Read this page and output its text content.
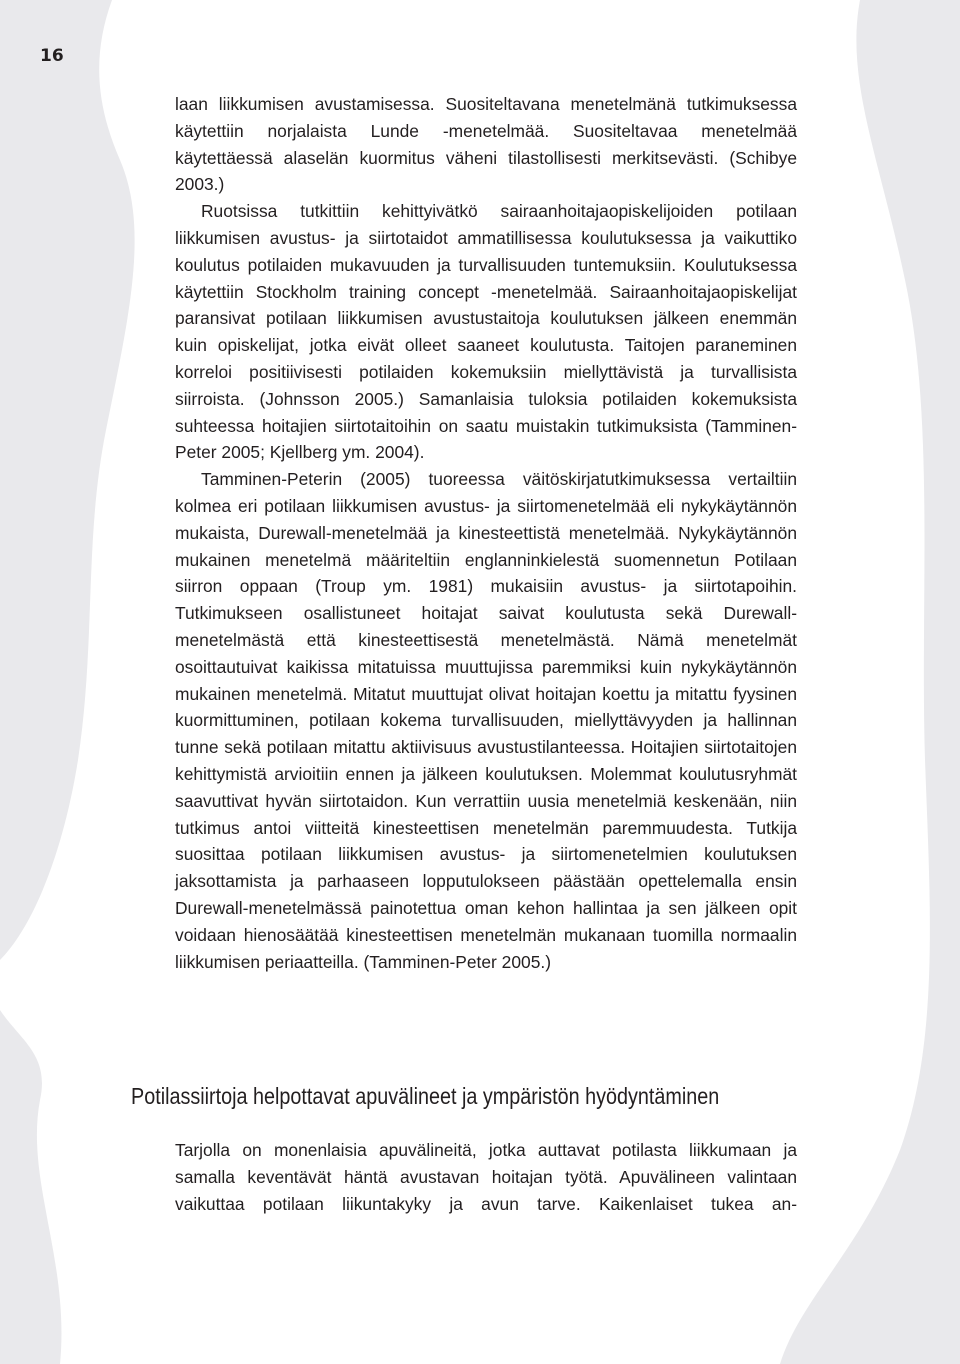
16

laan liikkumisen avustamisessa. Suositeltavana menetelmänä tutkimuksessa käytettiin norjalaista Lunde -menetelmää. Suositeltavaa menetelmää käytettäessä alaselän kuormitus väheni tilastollisesti merkitsevästi. (Schibye 2003.)

Ruotsissa tutkittiin kehittyivätkö sairaanhoitajaopiskelijoiden potilaan liikkumisen avustus- ja siirtotaidot ammatillisessa koulutuksessa ja vaikuttiko koulutus potilaiden mukavuuden ja turvallisuuden tuntemuksiin. Koulutuksessa käytettiin Stockholm training concept -menetelmää. Sairaanhoitajaopiskelijat paransivat potilaan liikkumisen avustustaitoja koulutuksen jälkeen enemmän kuin opiskelijat, jotka eivät olleet saaneet koulutusta. Taitojen paraneminen korreloi positiivisesti potilaiden kokemuksiin miellyttävistä ja turvallisista siirroista. (Johnsson 2005.) Samanlaisia tuloksia potilaiden kokemuksista suhteessa hoitajien siirtotaitoihin on saatu muistakin tutkimuksista (Tamminen-Peter 2005; Kjellberg ym. 2004).

Tamminen-Peterin (2005) tuoreessa väitöskirjatutkimuksessa vertailtiin kolmea eri potilaan liikkumisen avustus- ja siirtomenetelmää eli nykykäytännön mukaista, Durewall-menetelmää ja kinesteettistä menetelmää. Nykykäytännön mukainen menetelmä määriteltiin englanninkielestä suomennetun Potilaan siirron oppaan (Troup ym. 1981) mukaisiin avustus- ja siirtotapoihin. Tutkimukseen osallistuneet hoitajat saivat koulutusta sekä Durewall-menetelmästä että kinesteettisestä menetelmästä. Nämä menetelmät osoittautuivat kaikissa mitatuissa muuttujissa paremmiksi kuin nykykäytännön mukainen menetelmä. Mitatut muuttujat olivat hoitajan koettu ja mitattu fyysinen kuormittuminen, potilaan kokema turvallisuuden, miellyttävyyden ja hallinnan tunne sekä potilaan mitattu aktiivisuus avustustilanteessa. Hoitajien siirtotaitojen kehittymistä arvioitiin ennen ja jälkeen koulutuksen. Molemmat koulutusryhmät saavuttivat hyvän siirtotaidon. Kun verrattiin uusia menetelmiä keskenään, niin tutkimus antoi viitteitä kinesteettisen menetelmän paremmuudesta. Tutkija suosittaa potilaan liikkumisen avustus- ja siirtomenetelmien koulutuksen jaksottamista ja parhaaseen lopputulokseen päästään opettelemalla ensin Durewall-menetelmässä painotettua oman kehon hallintaa ja sen jälkeen opit voidaan hienosäätää kinesteettisen menetelmän mukanaan tuomilla normaalin liikkumisen periaatteilla. (Tamminen-Peter 2005.)

Potilassiirtoja helpottavat apuvälineet ja ympäristön hyödyntäminen

Tarjolla on monenlaisia apuvälineitä, jotka auttavat potilasta liikkumaan ja samalla keventävät häntä avustavan hoitajan työtä. Apuvälineen valintaan vaikuttaa potilaan liikuntakyky ja avun tarve. Kaikenlaiset tukea an-
